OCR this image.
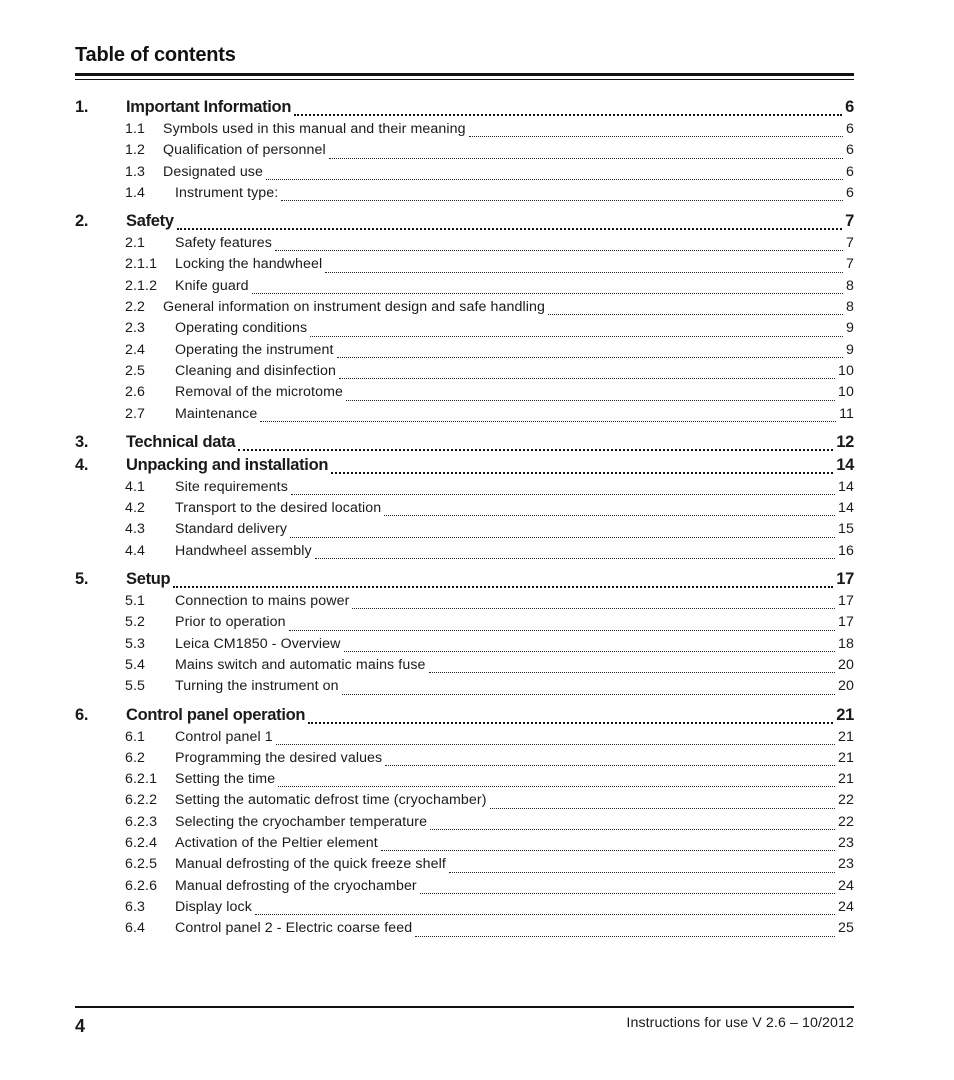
Table of contents
1.	Important Information	6
1.1	Symbols used in this manual and their meaning	6
1.2	Qualification of personnel	6
1.3	Designated use	6
1.4	Instrument type:	6
2.	Safety	7
2.1	Safety features	7
2.1.1	Locking the handwheel	7
2.1.2	Knife guard	8
2.2	General information on instrument design and safe handling	8
2.3	Operating conditions	9
2.4	Operating the instrument	9
2.5	Cleaning and disinfection	10
2.6	Removal of the microtome	10
2.7	Maintenance	11
3.	Technical data	12
4.	Unpacking and installation	14
4.1	Site requirements	14
4.2	Transport to the desired location	14
4.3	Standard delivery	15
4.4	Handwheel assembly	16
5.	Setup	17
5.1	Connection to mains power	17
5.2	Prior to operation	17
5.3	Leica CM1850 - Overview	18
5.4	Mains switch and automatic mains fuse	20
5.5	Turning the instrument on	20
6.	Control panel operation	21
6.1	Control panel 1	21
6.2	Programming the desired values	21
6.2.1	Setting the time	21
6.2.2	Setting the automatic defrost time (cryochamber)	22
6.2.3	Selecting the cryochamber temperature	22
6.2.4	Activation of the Peltier element	23
6.2.5	Manual defrosting of the quick freeze shelf	23
6.2.6	Manual defrosting of the cryochamber	24
6.3	Display lock	24
6.4	Control panel 2 - Electric coarse feed	25
4	Instructions for use V 2.6 – 10/2012
